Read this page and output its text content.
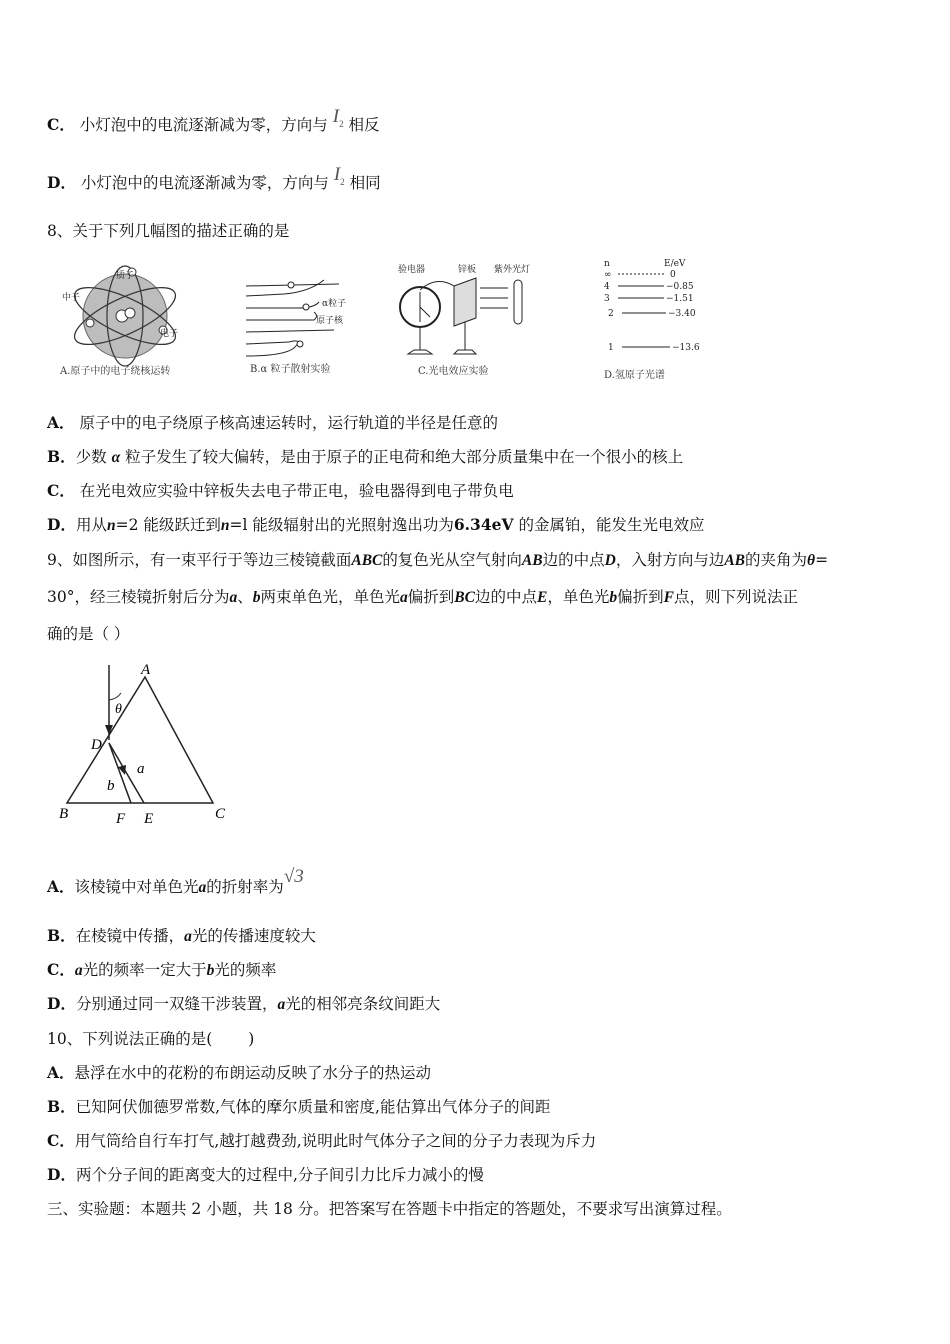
C． 小灯泡中的电流逐渐减为零，方向与 $I_2$ 相反
D． 小灯泡中的电流逐渐减为零，方向与 $I_2$ 相同
8、关于下列几幅图的描述正确的是
质子
中子
电子
A.原子中的电子绕核运转
α粒子
原子核
B.α 粒子散射实验
验电器	锌板 紫外光灯
C.光电效应实验
n	E/eV
∞	0
4	−0.85
3	−1.51
2	−3.40
1	−13.6
D.氢原子光谱
A． 原子中的电子绕原子核高速运转时，运行轨道的半径是任意的
B．少数 α 粒子发生了较大偏转，是由于原子的正电荷和绝大部分质量集中在一个很小的核上
C． 在光电效应实验中锌板失去电子带正电，验电器得到电子带负电
D．用从n=2 能级跃迁到n=l 能级辐射出的光照射逸出功为6.34eV 的金属铂，能发生光电效应
9、如图所示，有一束平行于等边三棱镜截面ABC的复色光从空气射向AB边的中点D，入射方向与边AB的夹角为θ=
30°，经三棱镜折射后分为a、b两束单色光，单色光a偏折到BC边的中点E，单色光b偏折到F点，则下列说法正
确的是（ ）
A
B	C
D
E
F
θ
a
b
A．该棱镜中对单色光a的折射率为√3
B．在棱镜中传播，a光的传播速度较大
C．a光的频率一定大于b光的频率
D．分别通过同一双缝干涉装置，a光的相邻亮条纹间距大
10、下列说法正确的是(　　 )
A．悬浮在水中的花粉的布朗运动反映了水分子的热运动
B．已知阿伏伽德罗常数,气体的摩尔质量和密度,能估算出气体分子的间距
C．用气筒给自行车打气,越打越费劲,说明此时气体分子之间的分子力表现为斥力
D．两个分子间的距离变大的过程中,分子间引力比斥力减小的慢
三、实验题：本题共 2 小题，共 18 分。把答案写在答题卡中指定的答题处，不要求写出演算过程。
